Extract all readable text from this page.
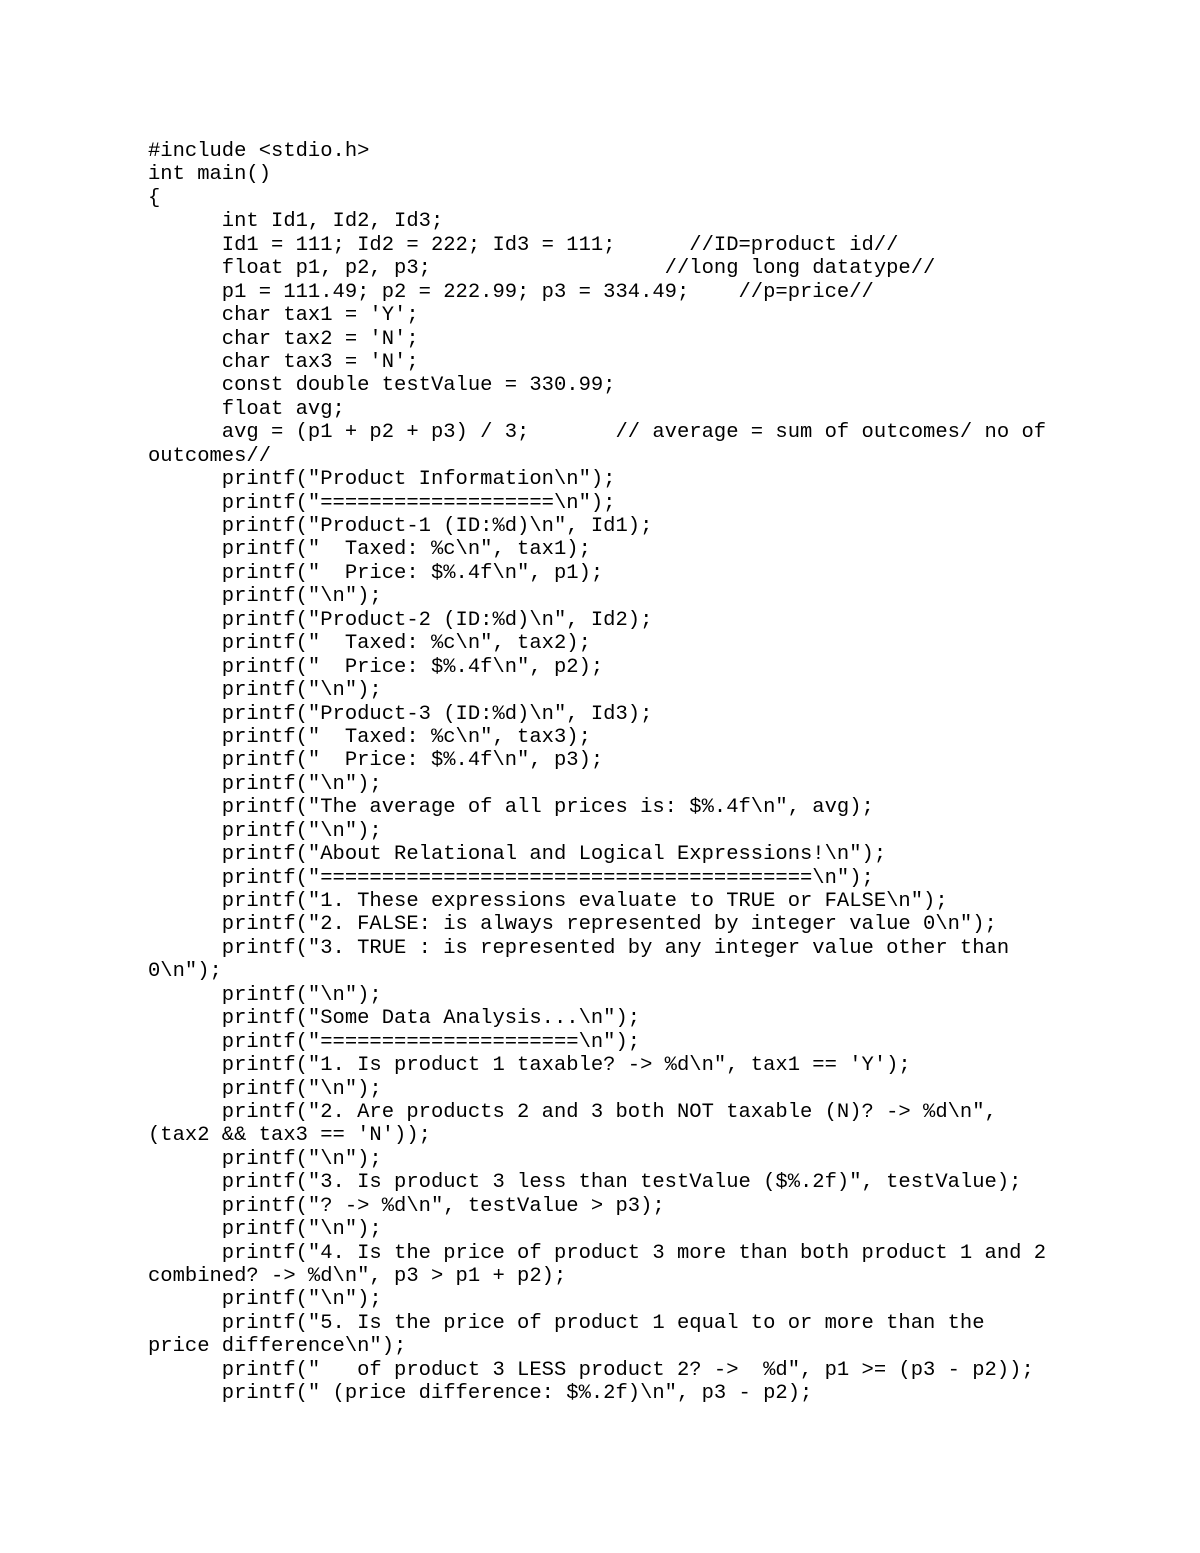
#include <stdio.h>
int main()
{
int Id1, Id2, Id3;
Id1 = 111; Id2 = 222; Id3 = 111;      //ID=product id//
float p1, p2, p3;                   //long long datatype//
p1 = 111.49; p2 = 222.99; p3 = 334.49;    //p=price//
char tax1 = 'Y';
char tax2 = 'N';
char tax3 = 'N';
const double testValue = 330.99;
float avg;
avg = (p1 + p2 + p3) / 3;       // average = sum of outcomes/ no of
outcomes//
printf("Product Information\n");
printf("===================\n");
printf("Product-1 (ID:%d)\n", Id1);
printf("  Taxed: %c\n", tax1);
printf("  Price: $%.4f\n", p1);
printf("\n");
printf("Product-2 (ID:%d)\n", Id2);
printf("  Taxed: %c\n", tax2);
printf("  Price: $%.4f\n", p2);
printf("\n");
printf("Product-3 (ID:%d)\n", Id3);
printf("  Taxed: %c\n", tax3);
printf("  Price: $%.4f\n", p3);
printf("\n");
printf("The average of all prices is: $%.4f\n", avg);
printf("\n");
printf("About Relational and Logical Expressions!\n");
printf("========================================\n");
printf("1. These expressions evaluate to TRUE or FALSE\n");
printf("2. FALSE: is always represented by integer value 0\n");
printf("3. TRUE : is represented by any integer value other than
0\n");
printf("\n");
printf("Some Data Analysis...\n");
printf("=====================\n");
printf("1. Is product 1 taxable? -> %d\n", tax1 == 'Y');
printf("\n");
printf("2. Are products 2 and 3 both NOT taxable (N)? -> %d\n",
(tax2 && tax3 == 'N'));
printf("\n");
printf("3. Is product 3 less than testValue ($%.2f)", testValue);
printf("? -> %d\n", testValue > p3);
printf("\n");
printf("4. Is the price of product 3 more than both product 1 and 2
combined? -> %d\n", p3 > p1 + p2);
printf("\n");
printf("5. Is the price of product 1 equal to or more than the
price difference\n");
printf("   of product 3 LESS product 2? ->  %d", p1 >= (p3 - p2));
printf(" (price difference: $%.2f)\n", p3 - p2);
